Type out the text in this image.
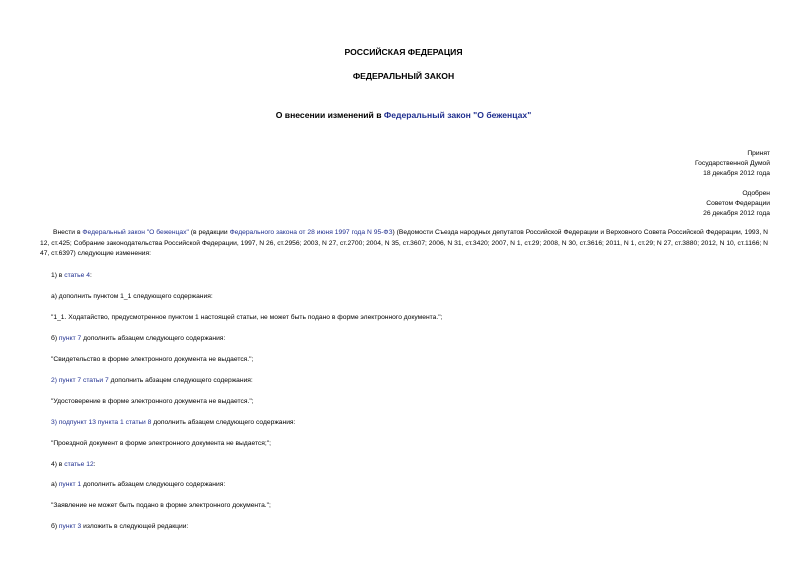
РОССИЙСКАЯ ФЕДЕРАЦИЯ
ФЕДЕРАЛЬНЫЙ ЗАКОН
О внесении изменений в Федеральный закон "О беженцах"
Принят
Государственной Думой
18 декабря 2012 года
Одобрен
Советом Федерации
26 декабря 2012 года
Внести в Федеральный закон "О беженцах" (в редакции Федерального закона от 28 июня 1997 года N 95-ФЗ) (Ведомости Съезда народных депутатов Российской Федерации и Верховного Совета Российской Федерации, 1993, N 12, ст.425; Собрание законодательства Российской Федерации, 1997, N 26, ст.2956; 2003, N 27, ст.2700; 2004, N 35, ст.3607; 2006, N 31, ст.3420; 2007, N 1, ст.29; 2008, N 30, ст.3616; 2011, N 1, ст.29; N 27, ст.3880; 2012, N 10, ст.1166; N 47, ст.6397) следующие изменения:
1) в статье 4:
а) дополнить пунктом 1_1 следующего содержания:
"1_1. Ходатайство, предусмотренное пунктом 1 настоящей статьи, не может быть подано в форме электронного документа.";
б) пункт 7 дополнить абзацем следующего содержания:
"Свидетельство в форме электронного документа не выдается.";
2) пункт 7 статьи 7 дополнить абзацем следующего содержания:
"Удостоверение в форме электронного документа не выдается.";
3) подпункт 13 пункта 1 статьи 8 дополнить абзацем следующего содержания:
"Проездной документ в форме электронного документа не выдается;";
4) в статье 12:
а) пункт 1 дополнить абзацем следующего содержания:
"Заявление не может быть подано в форме электронного документа.";
б) пункт 3 изложить в следующей редакции:
